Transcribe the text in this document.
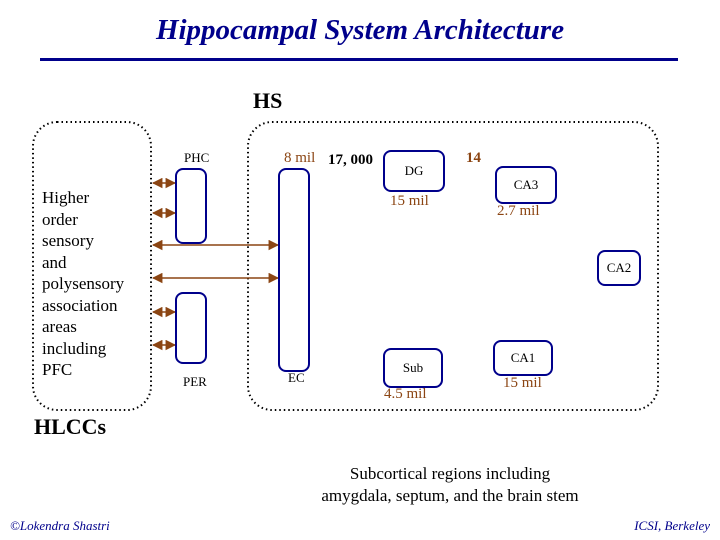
Hippocampal System Architecture
HS
PHC
PER
8 mil 17, 000
EC
DG
14
15 mil
CA3
2.7 mil
CA2
Sub
4.5 mil
CA1
15 mil
Higher
order
sensory
and
polysensory
association
areas
including
PFC
HLCCs
Subcortical regions including
amygdala, septum, and the brain stem
©Lokendra Shastri	ICSI, Berkeley
